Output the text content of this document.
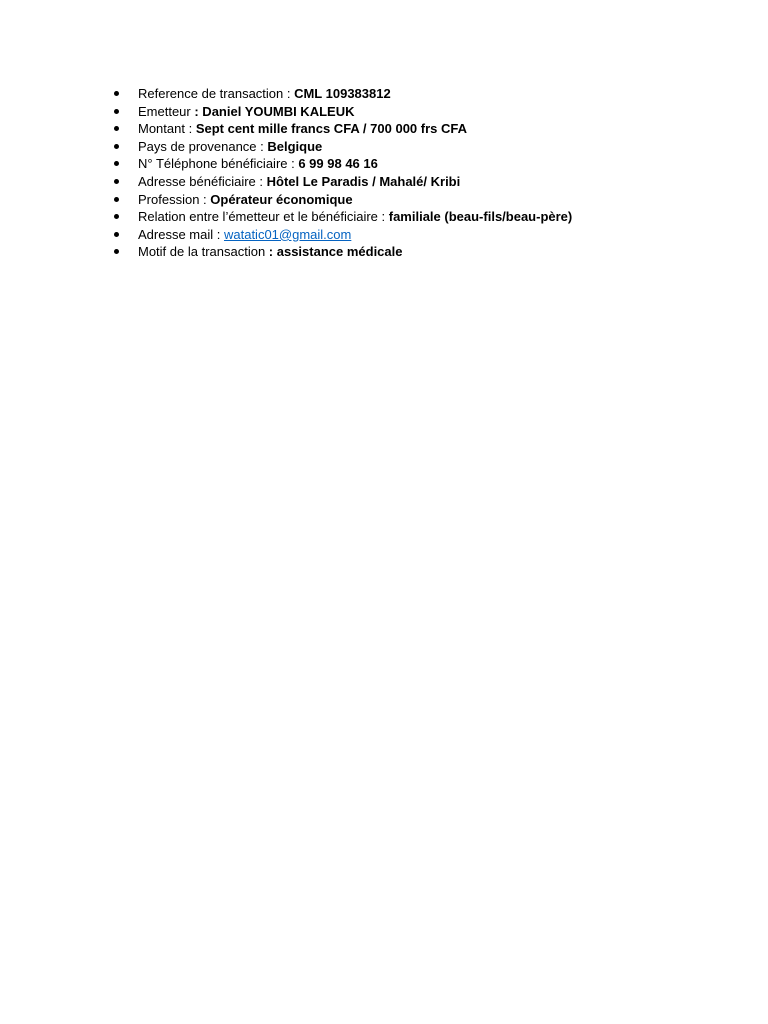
Reference de transaction : CML 109383812
Emetteur : Daniel YOUMBI KALEUK
Montant : Sept cent mille francs CFA / 700 000 frs CFA
Pays de provenance : Belgique
N° Téléphone bénéficiaire : 6 99 98 46 16
Adresse bénéficiaire : Hôtel Le Paradis / Mahalé/ Kribi
Profession : Opérateur économique
Relation entre l’émetteur et le bénéficiaire : familiale (beau-fils/beau-père)
Adresse mail : watatic01@gmail.com
Motif de la transaction : assistance médicale
